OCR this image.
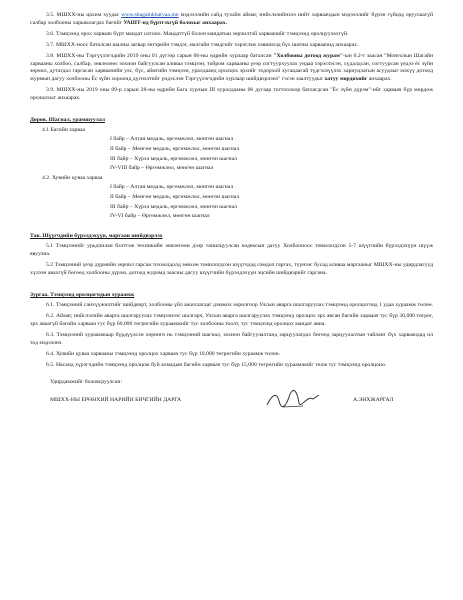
3.5. МШХХ-ны цахим хуудас www.shagainkharvaa.mn мэдээллийн сайд тухайн аймаг, нийслэлийнхээ нийт харваачдын мэдээллийг бүрэн гүйцэд оруулаагүй салбар холбооны харьяалагдах багийг УАШТ-нд бүртгэхгүй болохыг анхаарах.

3.6. Тэмцээнд орох харваач бүрт мандат олгоно. Мандаттүй болон мандатын зөрчилтэй харваачийг тэмцээнд оролцуулахгүй.

3.7. МШХХ-ноос баталсан шалны загвар энгэрийн тэмдэг, малгайн тэмдгийг хэрэглэж хэвшихэд бүх шатны харваачид анхаарах.

3.8. МШХХ-ны Тэргүүлэгчдийн 2019 оны 01 дүгээр сарын 06-ны өдрийн хурлаар баталсан "Холбооны дотоод журам"-ын 6.2-т заасан "Монголын Шагайн харвааны холбоо, салбар, зөвлөлөөс зохион байгуулсан аливаа тэмцээн, тойром харвааны үеэр согтуурхуулах ундаа хэрэглэсэн, хүдалдсан, согтуурсан үедээ ёс зүйн зөрчил, дутагдал гаргасан харваачийн улс, бүс, аймгийн тэмцээн, уралдаанд оролцох эрхийг тодорхой хугацаагай түдгэлзүүлэх хариуцлагын асуудлыг мэхүү дотоод журмын дагуу холбооны Ёс зүйн хороонд дүгнэлтийг үндэслэн Тэргүүлэгчдийн хурлаар шийдвэрлэнэ" гэсэн заалтуудыг хатуу мөрдөхийг анхаарах.

3.9. МШХХ-ны 2019 оны 09-р сарын 28-ны өдрийн Бага хурлын III хуралдааны 06 дугаар тогтоолоор батлагдсан "Ёс зүйн дүрэм"-ийг харваач бүр мөрдөж оролцохыг анхаарах.

Дөрөв. Шагнал, урамшуулал

4.1 Багийн харваа

I байр – Алтан медаль, өргөмжлөл, мөнгөн шагнал
II байр – Мөнгөн медаль, өргөмжлөл, мөнгөн шагнал
III байр – Хүрэл медаль, өргөмжлөл, мөнгөн шагнал
IV-VIII байр – Өргөмжлөл, мөнгөн шагнал

4.2. Хувийн цуваа харваа

I байр – Алтан медаль, өргөмжлөл, мөнгөн шагнал
II байр – Мөнгөн медаль, өргөмжлөл, мөнгөн шагнал
III байр – Хүрэл медаль, өргөмжлөл, мөнгөн шагнал
IV-VI байр – Өргөмжлөл, мөнгөн шагнал

Тав. Шүүгчдийн бүрэлдэхүүн, маргаан шийдвэрлэх

5.1 Тэмцээнийг урьдчилан бэлтгэж техникийн зөвлөгөөн дээр танилцуулсан кодексын дагуу Холбооноос томилогдсон 5-7 шүүгчийн бүрэлдэхүүн шүүж явуулна.

5.2 Тэмцээний үеэр дүрмийн зөрчил гарсан тохиолдолд зөвхөн томилогдсон шүүгчдэд гомдол гаргах, түүнээс бусад аливаа маргааныг МШХХ-ны удирдлагууд хүлээн авахгүй бөгөөд холбооны дүрэм, дотоод журамд заасны дагуу шүүгчийн бүрэлдэхүүн эцсийн шийдвэрийг гаргана.

Зургаа. Тэмцээнд оролцогчдын хураамж

6.1. Тэмцээний санхүүжилтийг шийдвэрт, холбооны үйл ажиллагааг дэмжих зорилгоор Улсын аварга шалгаруулах тэмцээнд оролцогчид 1 удаа хураамж төлнө.

6.2. Аймаг, нийслэлийн аварга шалгаруулах тэмцээнээс шалгарч, Улсын аварга шалгаруулах тэмцээнд оролцох эрх авсан багийн харваач тус бүр 30,000 төгрөг, эрх аваагүй багийн харваач тус бүр 60,000 төгрөгийн хураамжийг тус холбооны тоолт, тус тэмцээнд оролцох мандат авна.

6.3. Тэмцээний хураамжаар бүрдүүлсэн хөрөнгө нь тэмцээний шагнал, зохион байгуулалтанд зарцуулагдах бөгөөд зарцуулалтын тайланг бүх харваачдад ил тод мэдээлнэ.

6.4. Хувийн цуваа харвааны тэмцээнд оролцох харваач тус бүр 10,000 төгрөгийн хураамж төлнө.

6.5. Насанд хүрэгчдийн тэмцээнд оролцож буй ахмадын багийн харваач тус бүр 15,000 төгрөгийн хураамжийг төлж тус тэмцээнд оролцоно.

Удирдамжийг боловсруулсан:

МШХХ-НЫ ЕРӨНХИЙ НАРИЙН БИЧГИЙН ДАРГА	А.ЭНХЖАРГАЛ
